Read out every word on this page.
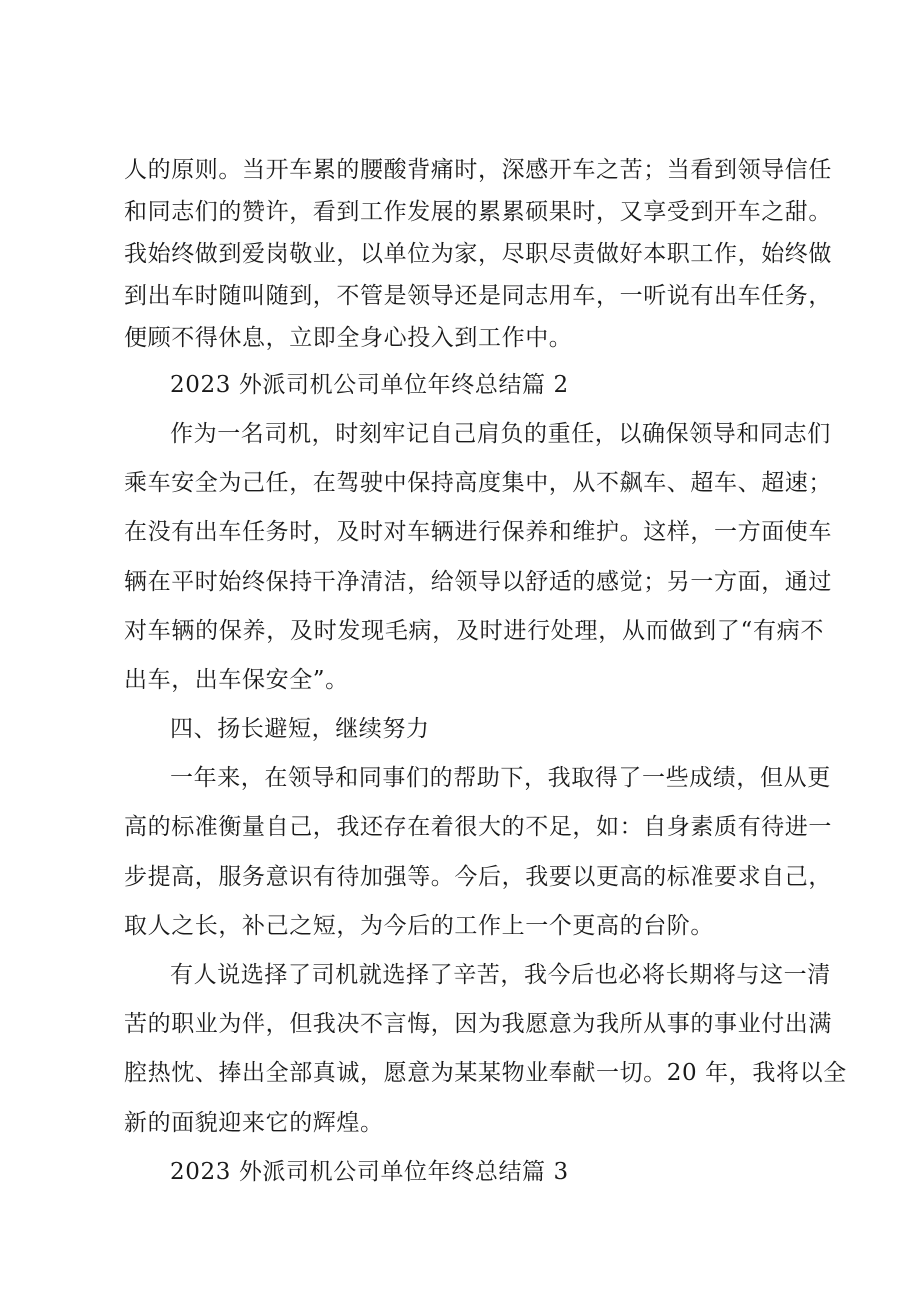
人的原则。当开车累的腰酸背痛时，深感开车之苦；当看到领导信任
和同志们的赞许，看到工作发展的累累硕果时，又享受到开车之甜。
我始终做到爱岗敬业，以单位为家，尽职尽责做好本职工作，始终做
到出车时随叫随到，不管是领导还是同志用车，一听说有出车任务，
便顾不得休息，立即全身心投入到工作中。
2023 外派司机公司单位年终总结篇 2
作为一名司机，时刻牢记自己肩负的重任，以确保领导和同志们
乘车安全为己任，在驾驶中保持高度集中，从不飙车、超车、超速；
在没有出车任务时，及时对车辆进行保养和维护。这样，一方面使车
辆在平时始终保持干净清洁，给领导以舒适的感觉；另一方面，通过
对车辆的保养，及时发现毛病，及时进行处理，从而做到了“有病不
出车，出车保安全”。
四、扬长避短，继续努力
一年来，在领导和同事们的帮助下，我取得了一些成绩，但从更
高的标准衡量自己，我还存在着很大的不足，如：自身素质有待进一
步提高，服务意识有待加强等。今后，我要以更高的标准要求自己，
取人之长，补己之短，为今后的工作上一个更高的台阶。
有人说选择了司机就选择了辛苦，我今后也必将长期将与这一清
苦的职业为伴，但我决不言悔，因为我愿意为我所从事的事业付出满
腔热忱、捧出全部真诚，愿意为某某物业奉献一切。20 年，我将以全
新的面貌迎来它的辉煌。
2023 外派司机公司单位年终总结篇 3
